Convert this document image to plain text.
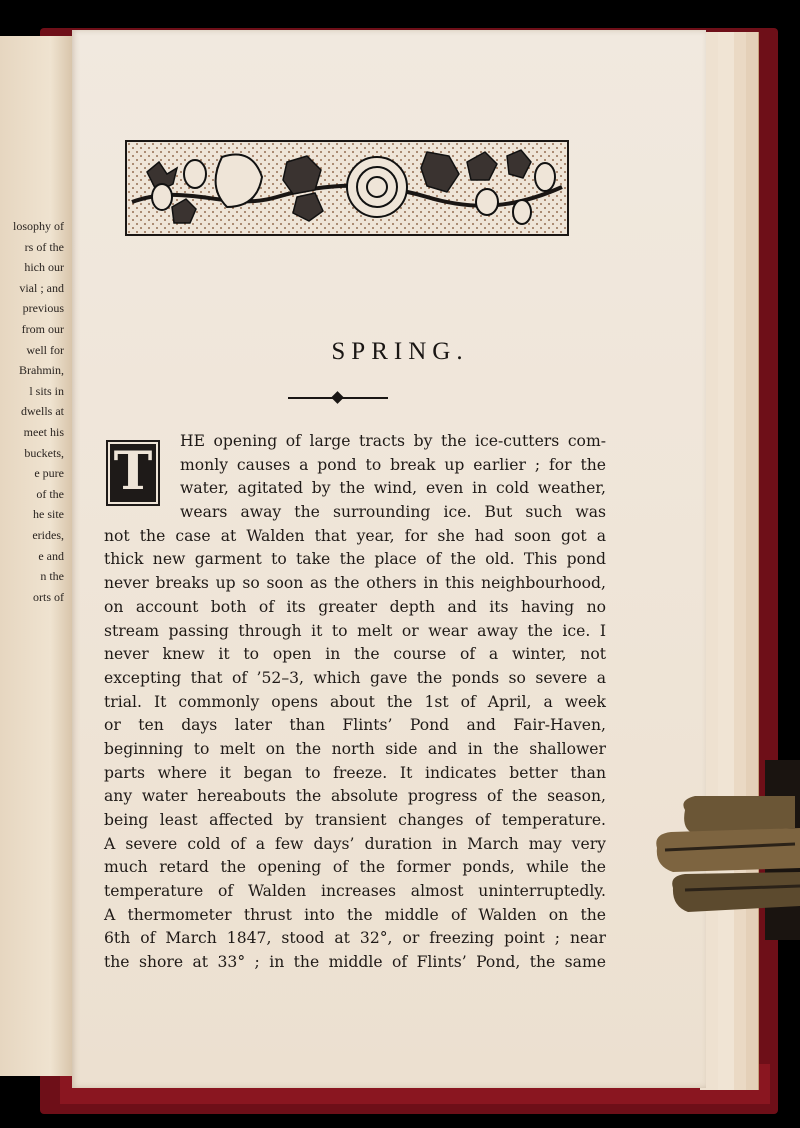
losophy of
rs of the
hich our
vial ; and
previous
from our
well for
Brahmin,
l sits in
dwells at
meet his
buckets,
e pure
of the
he site
erides,
e and
n the
orts of
SPRING.
T	HE opening of large tracts by the ice-cutters com-
monly causes a pond to break up earlier ; for the
water, agitated by the wind, even in cold weather,
wears away the surrounding ice. But such was
not the case at Walden that year, for she had soon got a
thick new garment to take the place of the old. This pond
never breaks up so soon as the others in this neighbourhood,
on account both of its greater depth and its having no
stream passing through it to melt or wear away the ice. I
never knew it to open in the course of a winter, not
excepting that of ’52–3, which gave the ponds so severe a
trial. It commonly opens about the 1st of April, a week
or ten days later than Flints’ Pond and Fair-Haven,
beginning to melt on the north side and in the shallower
parts where it began to freeze. It indicates better than
any water hereabouts the absolute progress of the season,
being least affected by transient changes of temperature.
A severe cold of a few days’ duration in March may very
much retard the opening of the former ponds, while the
temperature of Walden increases almost uninterruptedly.
A thermometer thrust into the middle of Walden on the
6th of March 1847, stood at 32°, or freezing point ; near
the shore at 33° ; in the middle of Flints’ Pond, the same
